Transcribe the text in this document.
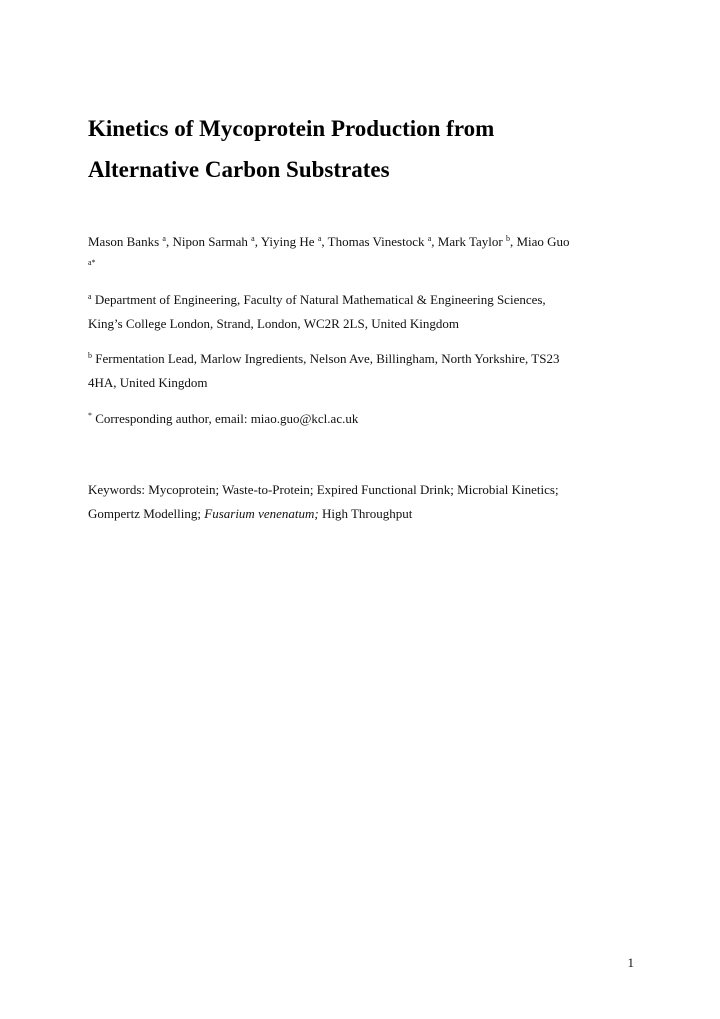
Kinetics of Mycoprotein Production from
Alternative Carbon Substrates

Mason Banks $^a$, Nipon Sarmah $^a$, Yiying He $^a$, Thomas Vinestock $^a$, Mark Taylor $^b$, Miao Guo
$^{a*}$

$^a$ Department of Engineering, Faculty of Natural Mathematical & Engineering Sciences,
King’s College London, Strand, London, WC2R 2LS, United Kingdom

$^b$ Fermentation Lead, Marlow Ingredients, Nelson Ave, Billingham, North Yorkshire, TS23
4HA, United Kingdom

* Corresponding author, email: miao.guo@kcl.ac.uk

Keywords: Mycoprotein; Waste-to-Protein; Expired Functional Drink; Microbial Kinetics;
Gompertz Modelling; Fusarium venenatum; High Throughput

1
